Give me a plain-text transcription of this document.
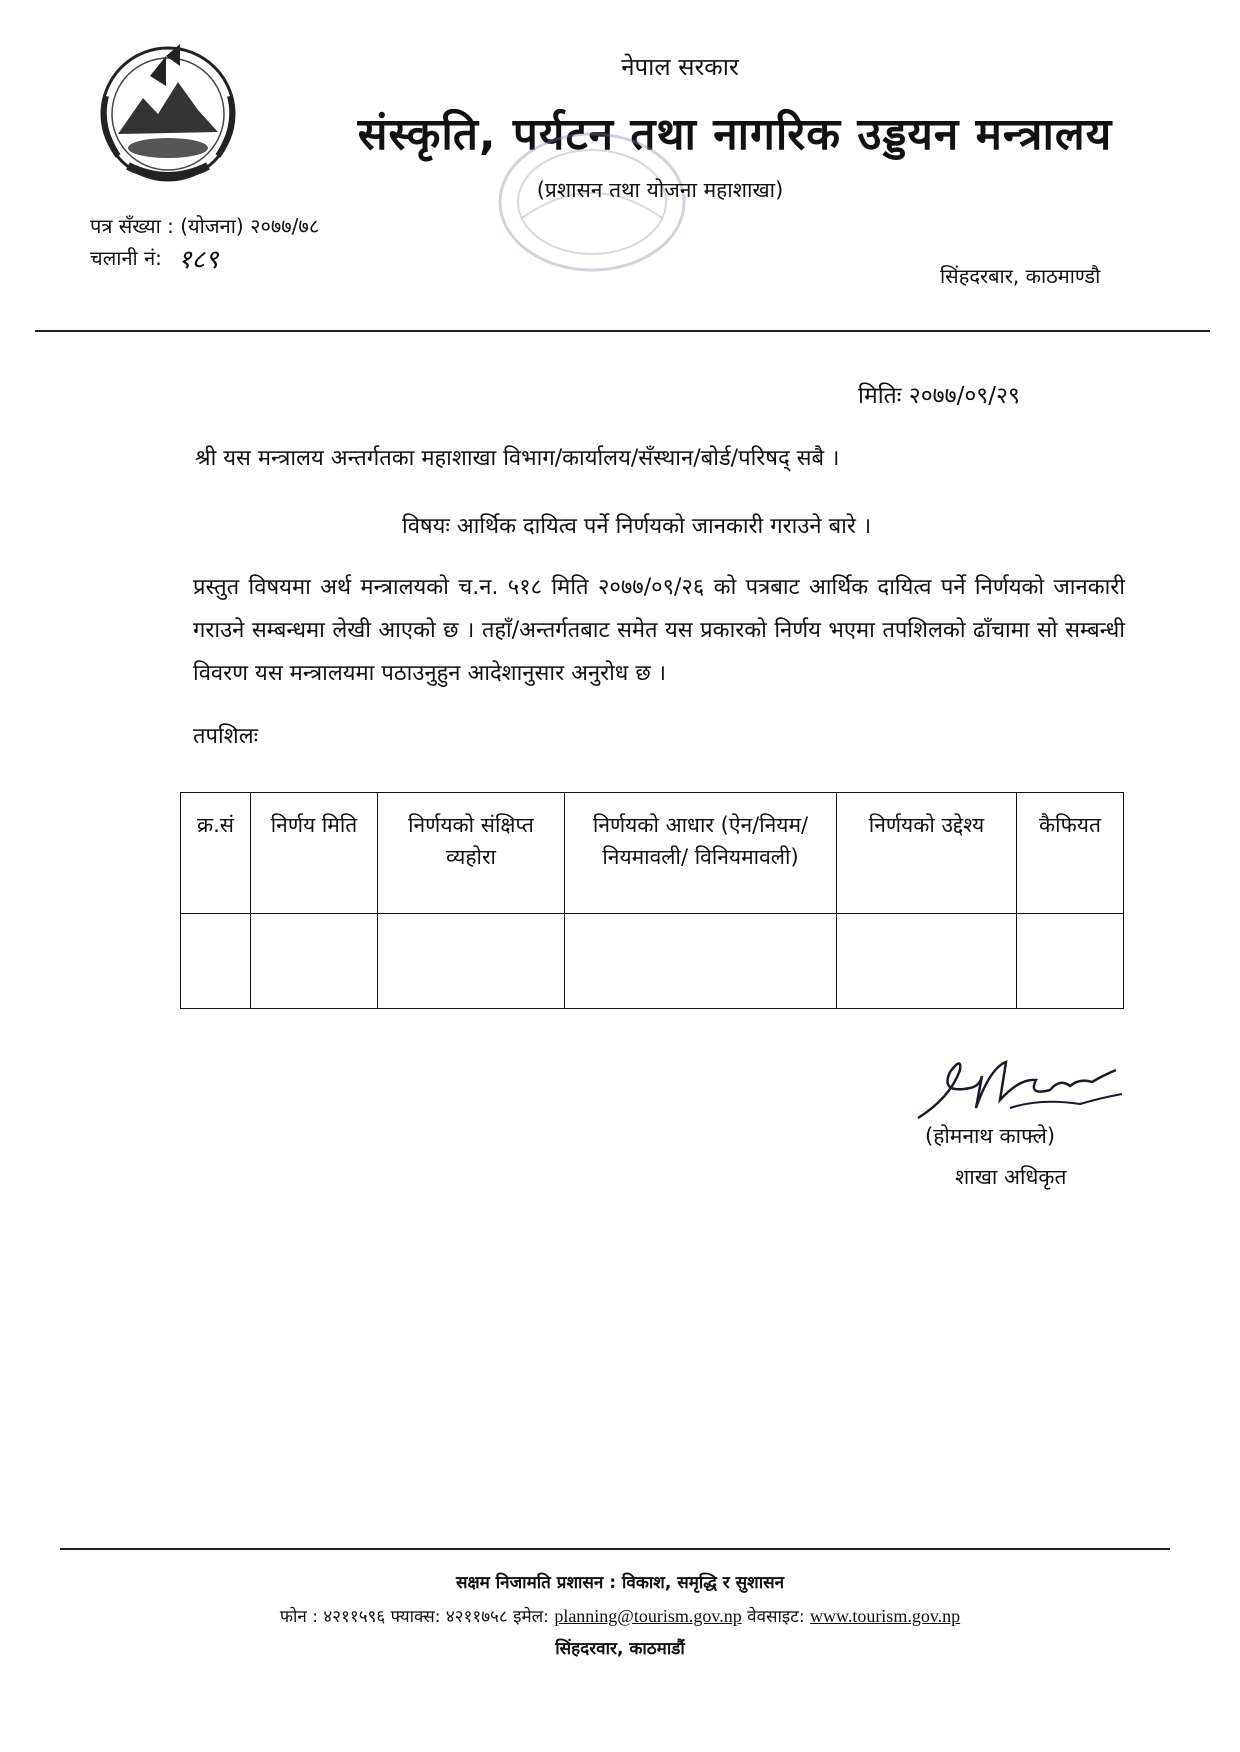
नेपाल सरकार
संस्कृति, पर्यटन तथा नागरिक उड्डयन मन्त्रालय
(प्रशासन तथा योजना महाशाखा)
पत्र सँख्या : (योजना) २०७७/७८
चलानी नं: १८९
सिंहदरबार, काठमाण्डौ
मितिः २०७७/०९/२९
श्री यस मन्त्रालय अन्तर्गतका महाशाखा विभाग/कार्यालय/सँस्थान/बोर्ड/परिषद् सबै ।
विषयः आर्थिक दायित्व पर्ने निर्णयको जानकारी गराउने बारे ।
प्रस्तुत विषयमा अर्थ मन्त्रालयको च.न. ५१८ मिति २०७७/०९/२६ को पत्रबाट आर्थिक दायित्व पर्ने निर्णयको जानकारी गराउने सम्बन्धमा लेखी आएको छ । तहाँ/अन्तर्गतबाट समेत यस प्रकारको निर्णय भएमा तपशिलको ढाँचामा सो सम्बन्धी विवरण यस मन्त्रालयमा पठाउनुहुन आदेशानुसार अनुरोध छ ।
तपशिलः
क्र.सं	निर्णय मिति	निर्णयको संक्षिप्त व्यहोरा	निर्णयको आधार (ऐन/नियम/नियमावली/ विनियमावली)	निर्णयको उद्देश्य	कैफियत

(होमनाथ काफ्ले)
शाखा अधिकृत
सक्षम निजामति प्रशासन : विकाश, समृद्धि र सुशासन
फोन : ४२११५९६ फ्याक्स: ४२११७५८ इमेल: planning@tourism.gov.np वेवसाइट: www.tourism.gov.np
सिंहदरवार, काठमाडौं
